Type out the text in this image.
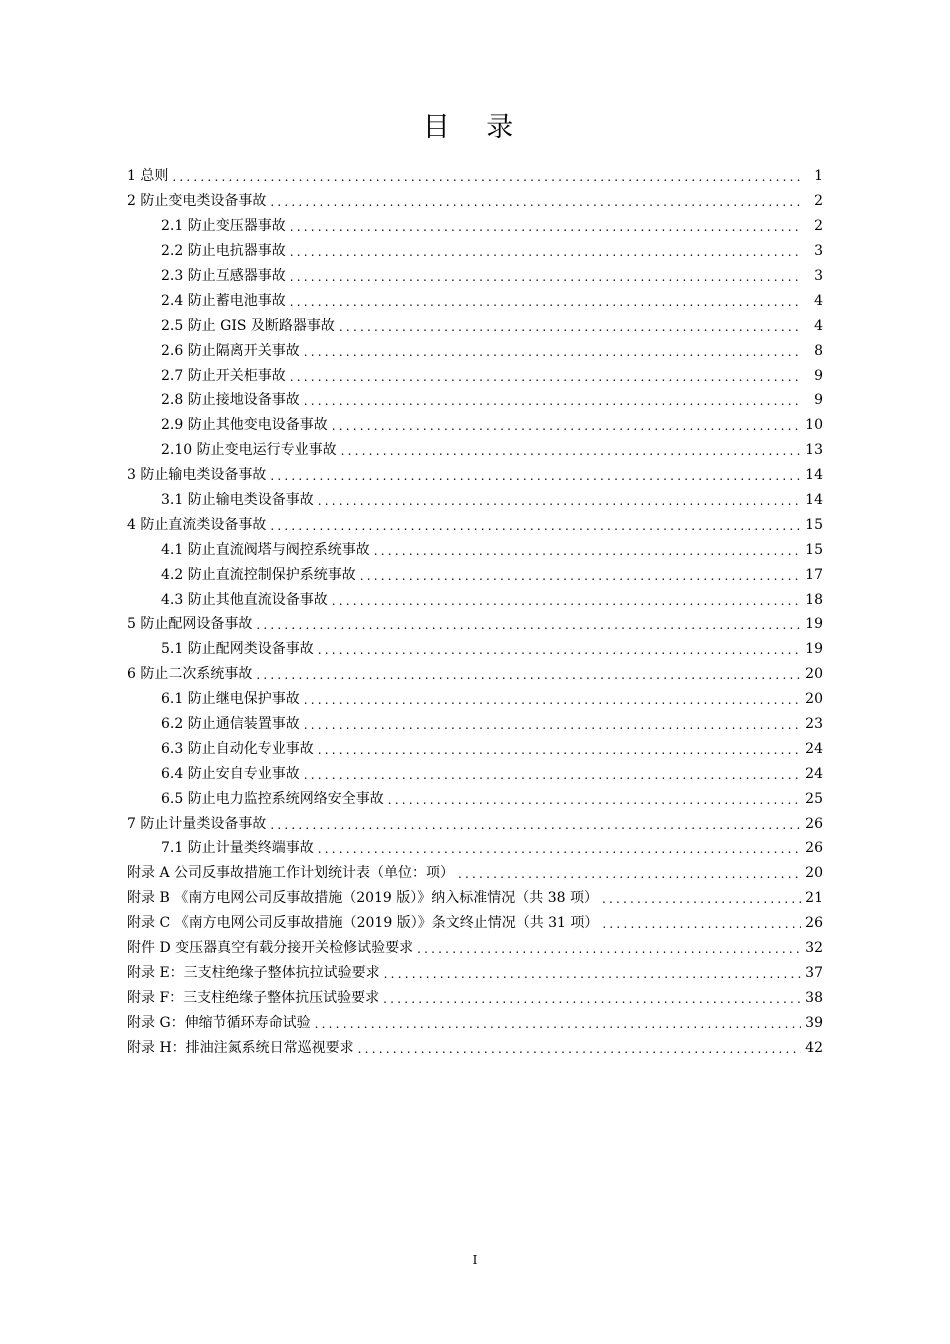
目 录
1 总则 .....	1
2 防止变电类设备事故 .....	2
2.1 防止变压器事故 .....	2
2.2 防止电抗器事故 .....	3
2.3 防止互感器事故 .....	3
2.4 防止蓄电池事故 .....	4
2.5 防止 GIS 及断路器事故 .....	4
2.6 防止隔离开关事故 .....	8
2.7 防止开关柜事故 .....	9
2.8 防止接地设备事故 .....	9
2.9 防止其他变电设备事故 .....	10
2.10 防止变电运行专业事故 .....	13
3 防止输电类设备事故 .....	14
3.1 防止输电类设备事故 .....	14
4 防止直流类设备事故 .....	15
4.1 防止直流阀塔与阀控系统事故 .....	15
4.2 防止直流控制保护系统事故 .....	17
4.3 防止其他直流设备事故 .....	18
5 防止配网设备事故 .....	19
5.1 防止配网类设备事故 .....	19
6 防止二次系统事故 .....	20
6.1 防止继电保护事故 .....	20
6.2 防止通信装置事故 .....	23
6.3 防止自动化专业事故 .....	24
6.4 防止安自专业事故 .....	24
6.5 防止电力监控系统网络安全事故 .....	25
7 防止计量类设备事故 .....	26
7.1 防止计量类终端事故 .....	26
附录 A 公司反事故措施工作计划统计表（单位：项） .....	20
附录 B 《南方电网公司反事故措施（2019 版）》纳入标准情况（共 38 项） .....	21
附录 C 《南方电网公司反事故措施（2019 版）》条文终止情况（共 31 项） .....	26
附件 D 变压器真空有载分接开关检修试验要求 .....	32
附录 E：三支柱绝缘子整体抗拉试验要求 .....	37
附录 F：三支柱绝缘子整体抗压试验要求 .....	38
附录 G：伸缩节循环寿命试验 .....	39
附录 H：排油注氮系统日常巡视要求 .....	42
I
